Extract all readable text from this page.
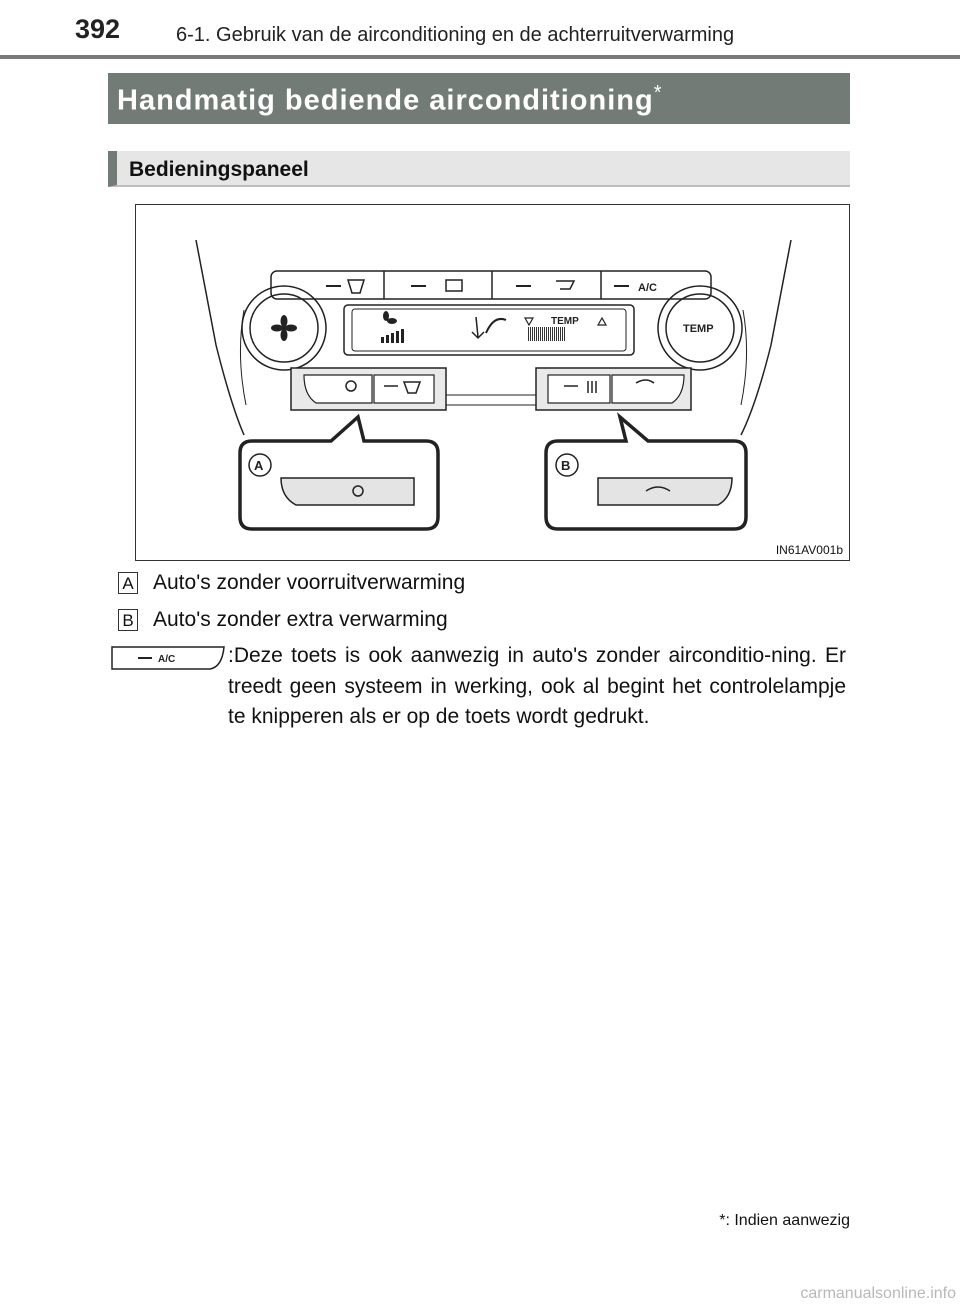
392	6-1. Gebruik van de airconditioning en de achterruitverwarming
Handmatig bediende airconditioning*
Bedieningspaneel
A/C
TEMP
TEMP
A	B
IN61AV001b
A Auto's zonder voorruitverwarming
B Auto's zonder extra verwarming
A/C	:Deze toets is ook aanwezig in auto's zonder airconditio-ning. Er treedt geen systeem in werking, ook al begint het controlelampje te knipperen als er op de toets wordt gedrukt.
*: Indien aanwezig
carmanualsonline.info
